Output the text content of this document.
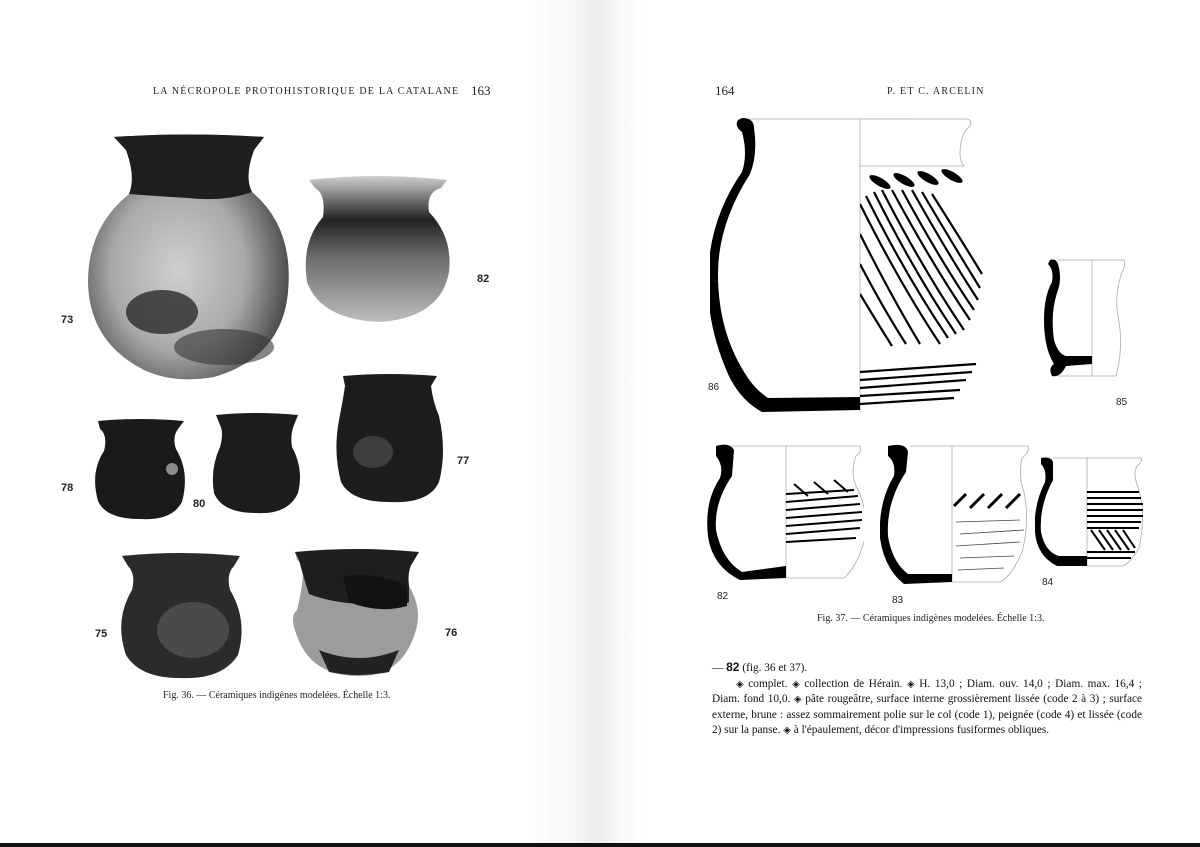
LA NÉCROPOLE PROTOHISTORIQUE DE LA CATALANE 163
73
82
78
80
77
75	76
Fig. 36. — Céramiques indigènes modelées. Échelle 1:3.
164	P. ET C. ARCELIN
86
85
82	83
84
Fig. 37. — Céramiques indigènes modelées. Échelle 1:3.
— 82 (fig. 36 et 37).
◈ complet. ◈ collection de Hérain. ◈ H. 13,0 ; Diam. ouv. 14,0 ; Diam. max. 16,4 ; Diam. fond 10,0. ◈ pâte rougeâtre, surface interne grossièrement lissée (code 2 à 3) ; surface externe, brune : assez sommairement polie sur le col (code 1), peignée (code 4) et lissée (code 2) sur la panse. ◈ à l'épaulement, décor d'impressions fusiformes obliques.
